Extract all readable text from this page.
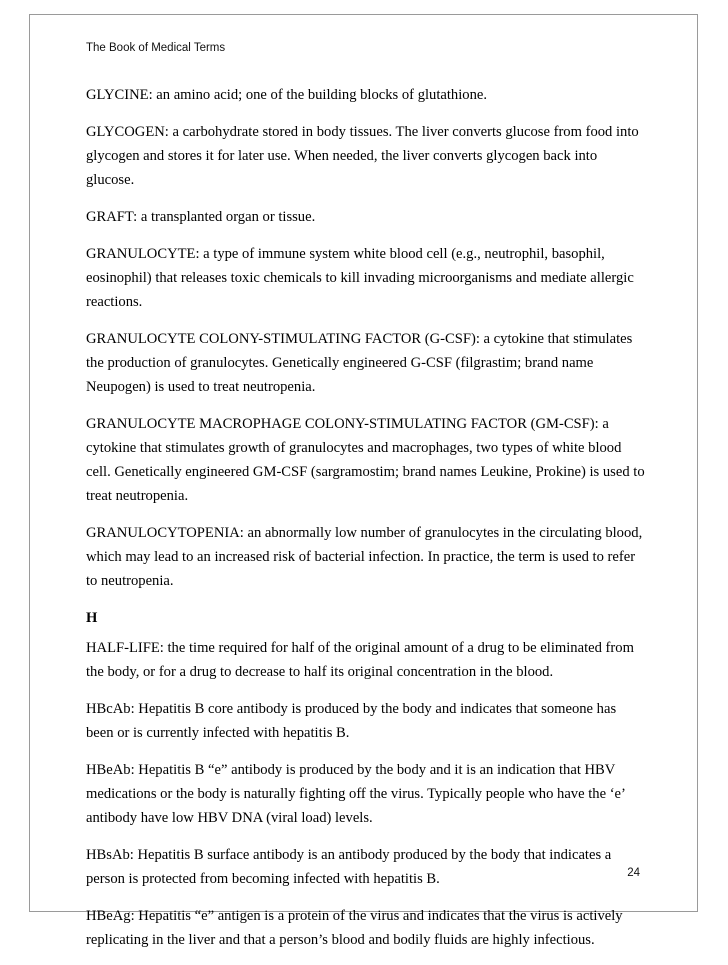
The Book of Medical Terms

GLYCINE: an amino acid; one of the building blocks of glutathione.

GLYCOGEN: a carbohydrate stored in body tissues. The liver converts glucose from food into glycogen and stores it for later use. When needed, the liver converts glycogen back into glucose.

GRAFT: a transplanted organ or tissue.

GRANULOCYTE: a type of immune system white blood cell (e.g., neutrophil, basophil, eosinophil) that releases toxic chemicals to kill invading microorganisms and mediate allergic reactions.

GRANULOCYTE COLONY-STIMULATING FACTOR (G-CSF): a cytokine that stimulates the production of granulocytes. Genetically engineered G-CSF (filgrastim; brand name Neupogen) is used to treat neutropenia.

GRANULOCYTE MACROPHAGE COLONY-STIMULATING FACTOR (GM-CSF): a cytokine that stimulates growth of granulocytes and macrophages, two types of white blood cell. Genetically engineered GM-CSF (sargramostim; brand names Leukine, Prokine) is used to treat neutropenia.

GRANULOCYTOPENIA: an abnormally low number of granulocytes in the circulating blood, which may lead to an increased risk of bacterial infection. In practice, the term is used to refer to neutropenia.

H

HALF-LIFE: the time required for half of the original amount of a drug to be eliminated from the body, or for a drug to decrease to half its original concentration in the blood.

HBcAb: Hepatitis B core antibody is produced by the body and indicates that someone has been or is currently infected with hepatitis B.

HBeAb: Hepatitis B “e” antibody is produced by the body and it is an indication that HBV medications or the body is naturally fighting off the virus. Typically people who have the ‘e’ antibody have low HBV DNA (viral load) levels.

HBsAb: Hepatitis B surface antibody is an antibody produced by the body that indicates a person is protected from becoming infected with hepatitis B.

HBeAg: Hepatitis “e” antigen is a protein of the virus and indicates that the virus is actively replicating in the liver and that a person’s blood and bodily fluids are highly infectious.

24
